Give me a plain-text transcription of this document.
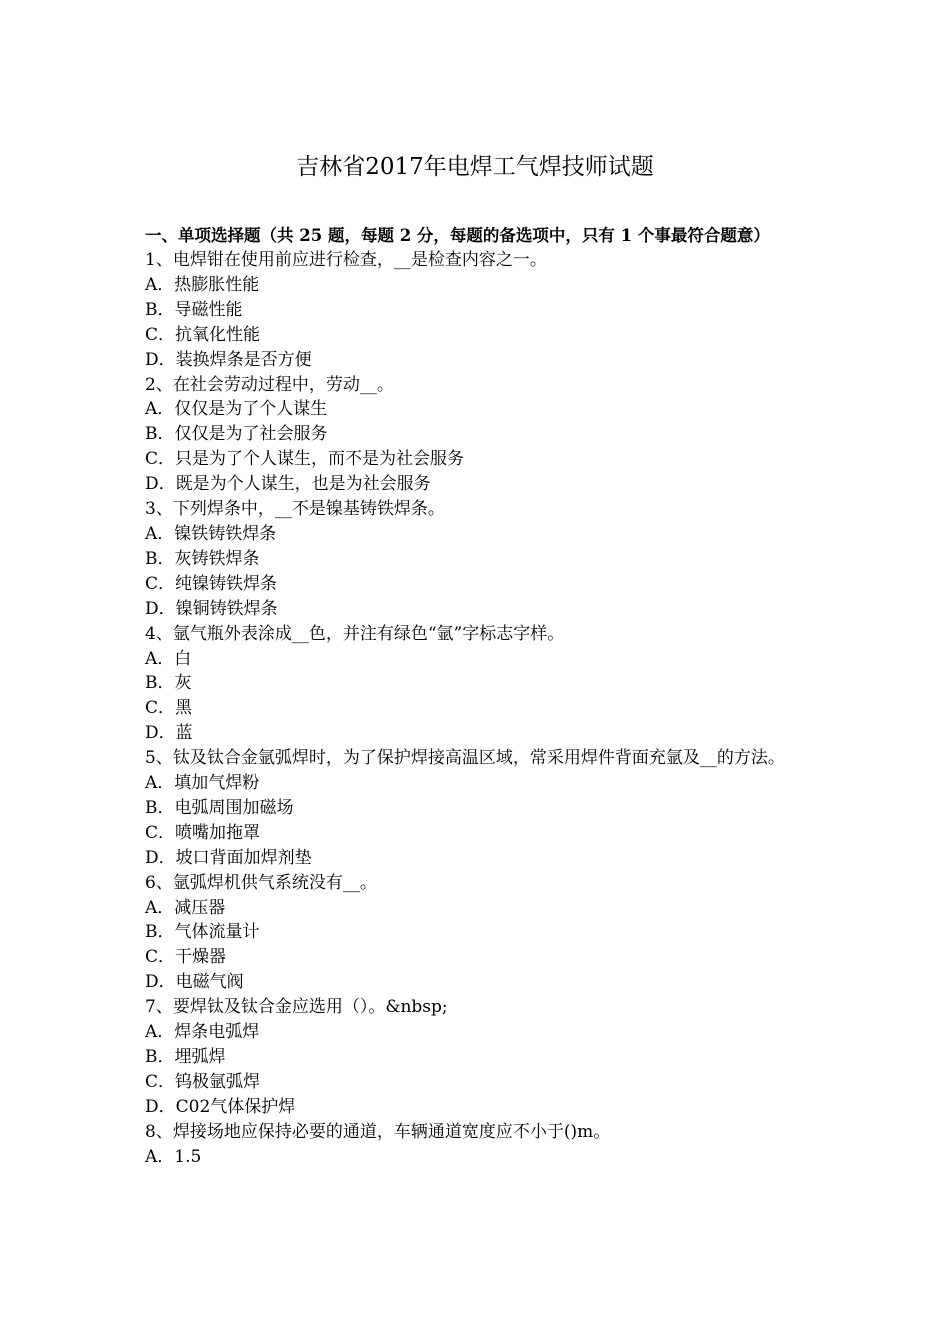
吉林省2017年电焊工气焊技师试题

一、单项选择题（共 25 题，每题 2 分，每题的备选项中，只有 1 个事最符合题意）

1、电焊钳在使用前应进行检查，__是检查内容之一。

A．热膨胀性能

B．导磁性能

C．抗氧化性能

D．装换焊条是否方便

2、在社会劳动过程中，劳动__。

A．仅仅是为了个人谋生

B．仅仅是为了社会服务

C．只是为了个人谋生，而不是为社会服务

D．既是为个人谋生，也是为社会服务

3、下列焊条中，__不是镍基铸铁焊条。

A．镍铁铸铁焊条

B．灰铸铁焊条

C．纯镍铸铁焊条

D．镍铜铸铁焊条

4、氩气瓶外表涂成__色，并注有绿色“氩”字标志字样。

A．白

B．灰

C．黑

D．蓝

5、钛及钛合金氩弧焊时，为了保护焊接高温区域，常采用焊件背面充氩及__的方法。

A．填加气焊粉

B．电弧周围加磁场

C．喷嘴加拖罩

D．坡口背面加焊剂垫

6、氩弧焊机供气系统没有__。

A．减压器

B．气体流量计

C．干燥器

D．电磁气阀

7、要焊钛及钛合金应选用（）。&nbsp;

A．焊条电弧焊

B．埋弧焊

C．钨极氩弧焊

D．C02气体保护焊

8、焊接场地应保持必要的通道，车辆通道宽度应不小于()m。

A．1.5
